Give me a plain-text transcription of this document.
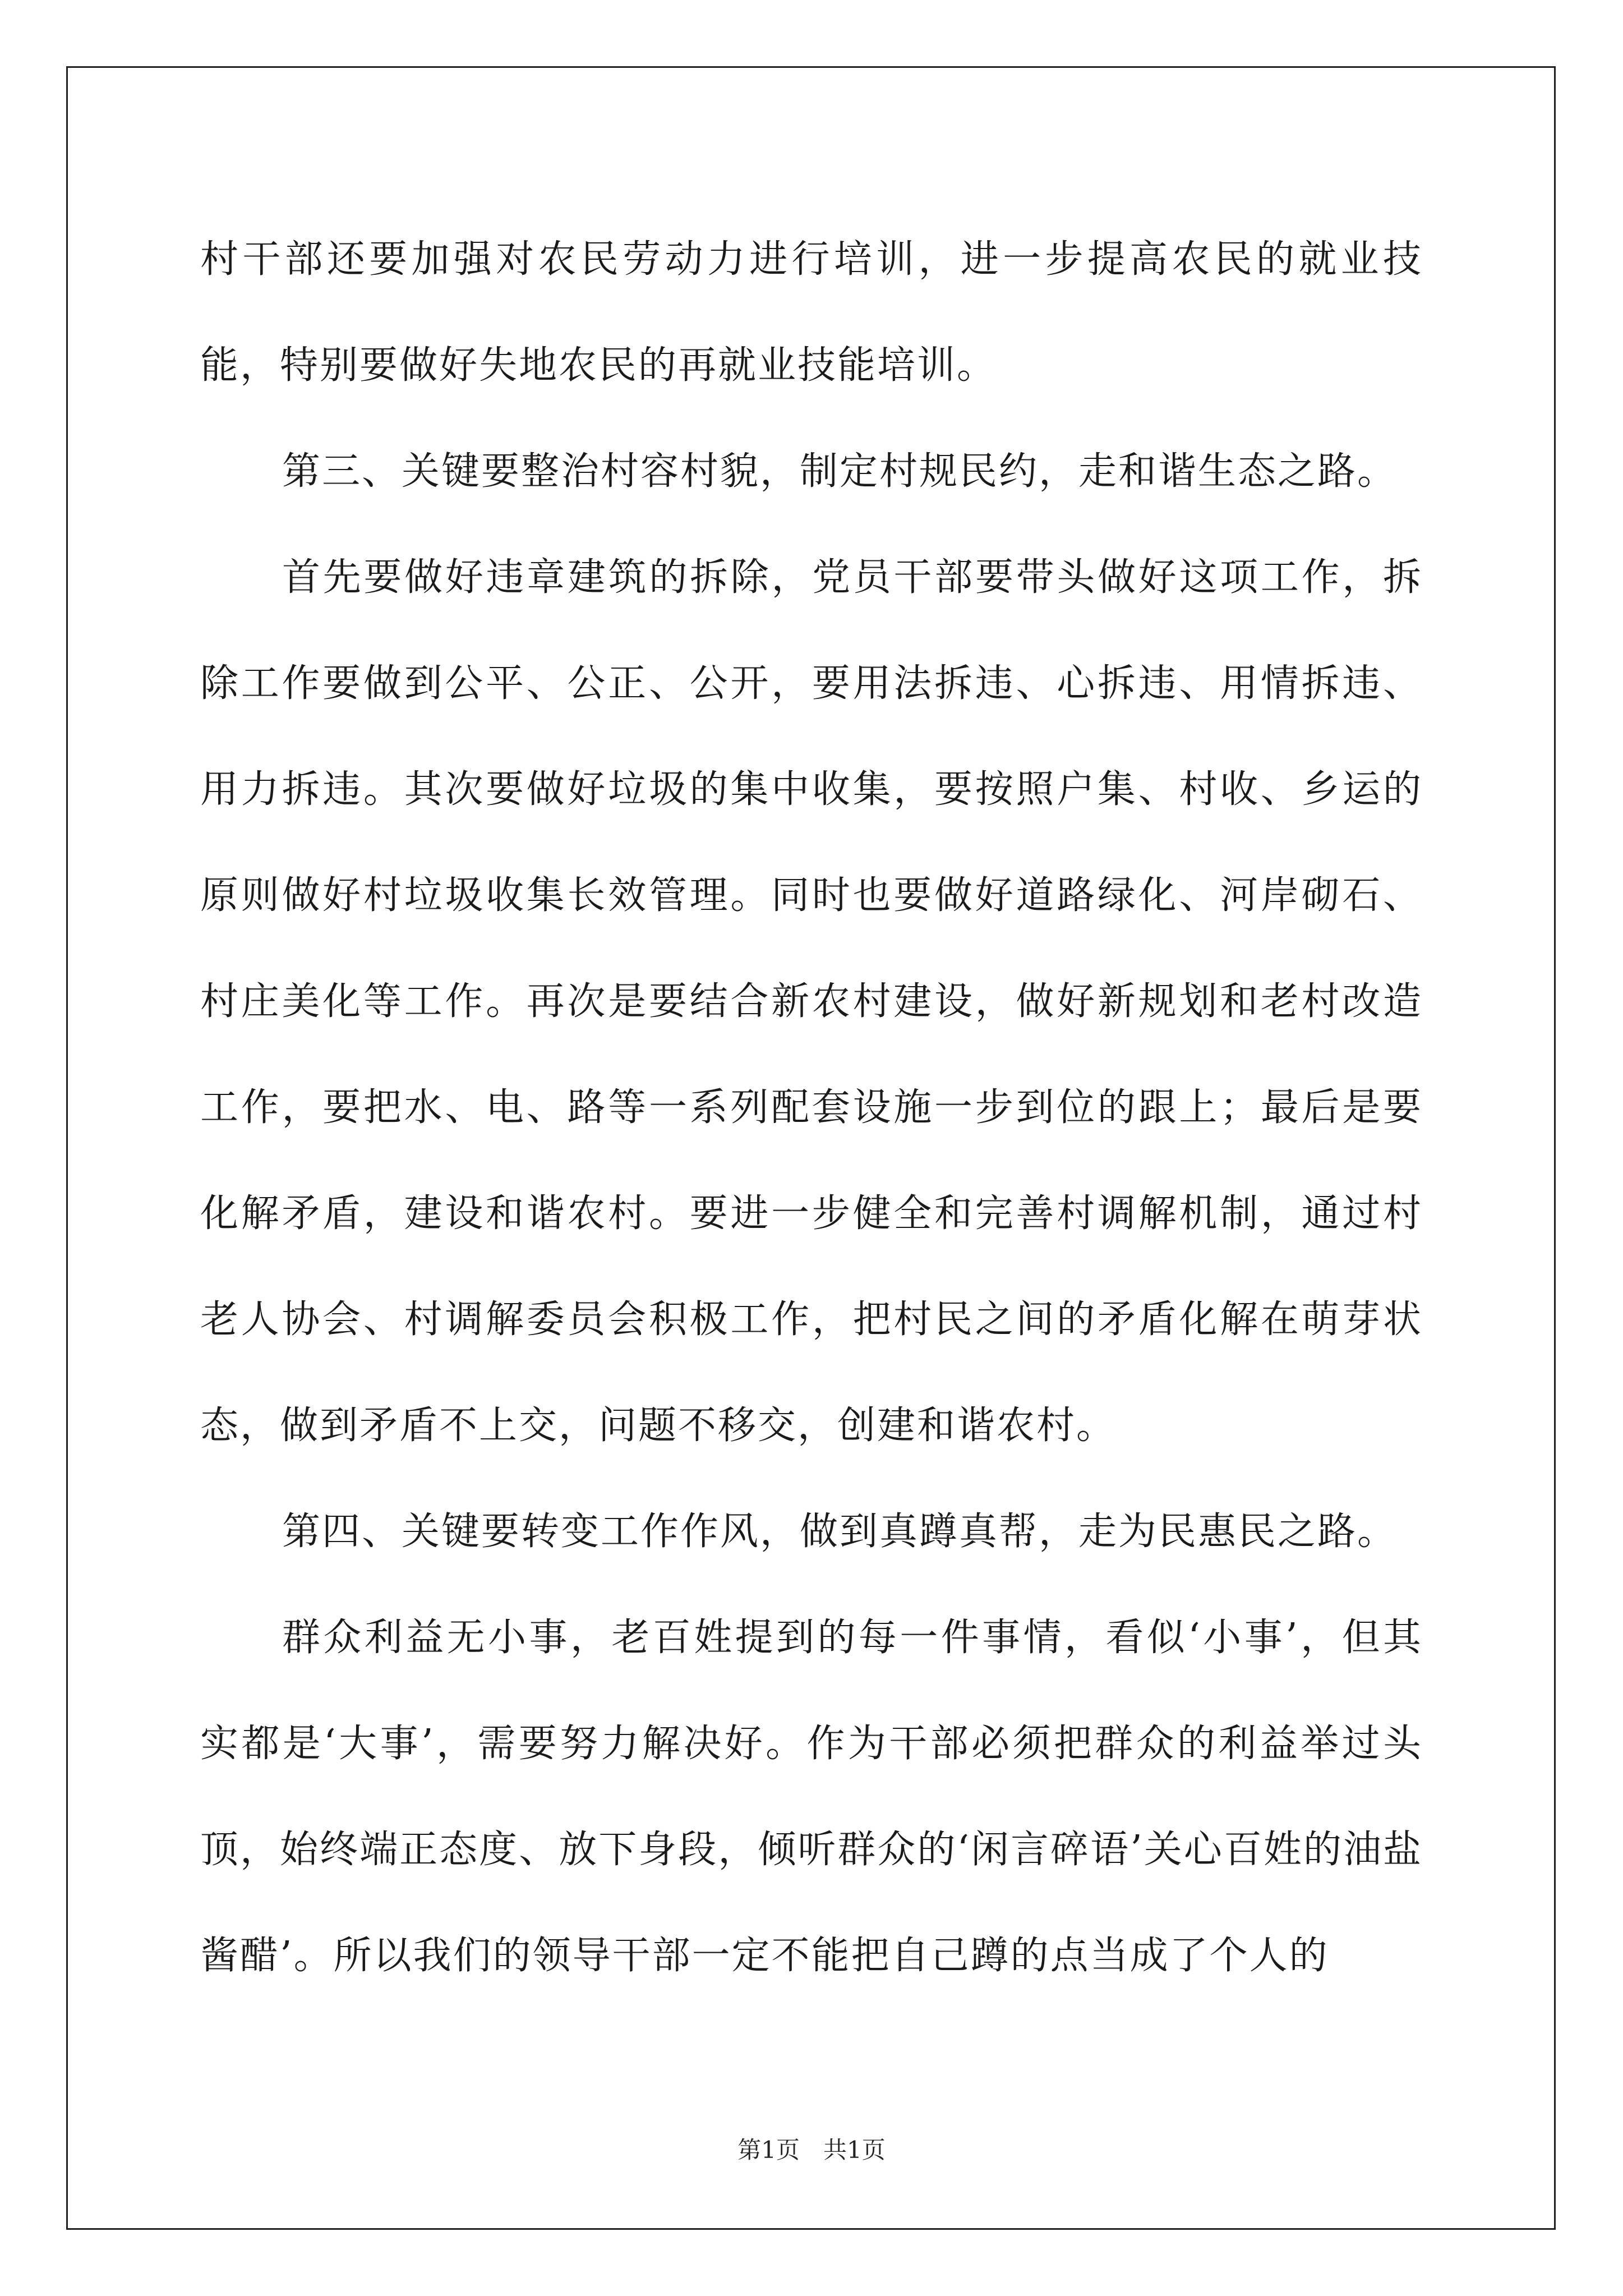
村干部还要加强对农民劳动力进行培训，进一步提高农民的就业技能，特别要做好失地农民的再就业技能培训。

第三、关键要整治村容村貌，制定村规民约，走和谐生态之路。

首先要做好违章建筑的拆除，党员干部要带头做好这项工作，拆除工作要做到公平、公正、公开，要用法拆违、心拆违、用情拆违、用力拆违。其次要做好垃圾的集中收集，要按照户集、村收、乡运的原则做好村垃圾收集长效管理。同时也要做好道路绿化、河岸砌石、村庄美化等工作。再次是要结合新农村建设，做好新规划和老村改造工作，要把水、电、路等一系列配套设施一步到位的跟上；最后是要化解矛盾，建设和谐农村。要进一步健全和完善村调解机制，通过村老人协会、村调解委员会积极工作，把村民之间的矛盾化解在萌芽状态，做到矛盾不上交，问题不移交，创建和谐农村。

第四、关键要转变工作作风，做到真蹲真帮，走为民惠民之路。

群众利益无小事，老百姓提到的每一件事情，看似‘小事’，但其实都是‘大事’，需要努力解决好。作为干部必须把群众的利益举过头顶，始终端正态度、放下身段，倾听群众的‘闲言碎语’关心百姓的油盐酱醋’。所以我们的领导干部一定不能把自己蹲的点当成了个人的

第1页　共1页
